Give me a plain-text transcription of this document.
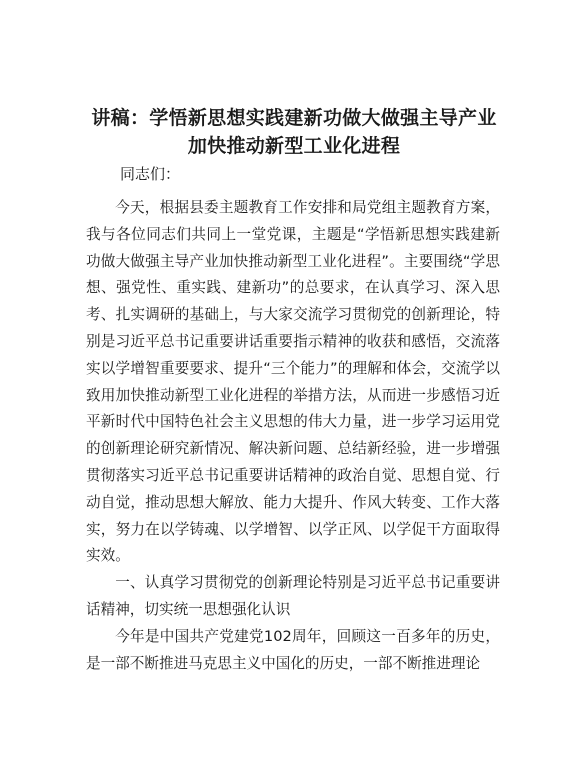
讲稿：学悟新思想实践建新功做大做强主导产业加快推动新型工业化进程
同志们：

今天，根据县委主题教育工作安排和局党组主题教育方案，我与各位同志们共同上一堂党课，主题是“学悟新思想实践建新功做大做强主导产业加快推动新型工业化进程”。主要围绕“学思想、强党性、重实践、建新功”的总要求，在认真学习、深入思考、扎实调研的基础上，与大家交流学习贯彻党的创新理论，特别是习近平总书记重要讲话重要指示精神的收获和感悟，交流落实以学增智重要要求、提升“三个能力”的理解和体会，交流学以致用加快推动新型工业化进程的举措方法，从而进一步感悟习近平新时代中国特色社会主义思想的伟大力量，进一步学习运用党的创新理论研究新情况、解决新问题、总结新经验，进一步增强贯彻落实习近平总书记重要讲话精神的政治自觉、思想自觉、行动自觉，推动思想大解放、能力大提升、作风大转变、工作大落实，努力在以学铸魂、以学增智、以学正风、以学促干方面取得实效。

一、认真学习贯彻党的创新理论特别是习近平总书记重要讲话精神，切实统一思想强化认识

今年是中国共产党建党102周年，回顾这一百多年的历史，是一部不断推进马克思主义中国化的历史，一部不断推进理论
